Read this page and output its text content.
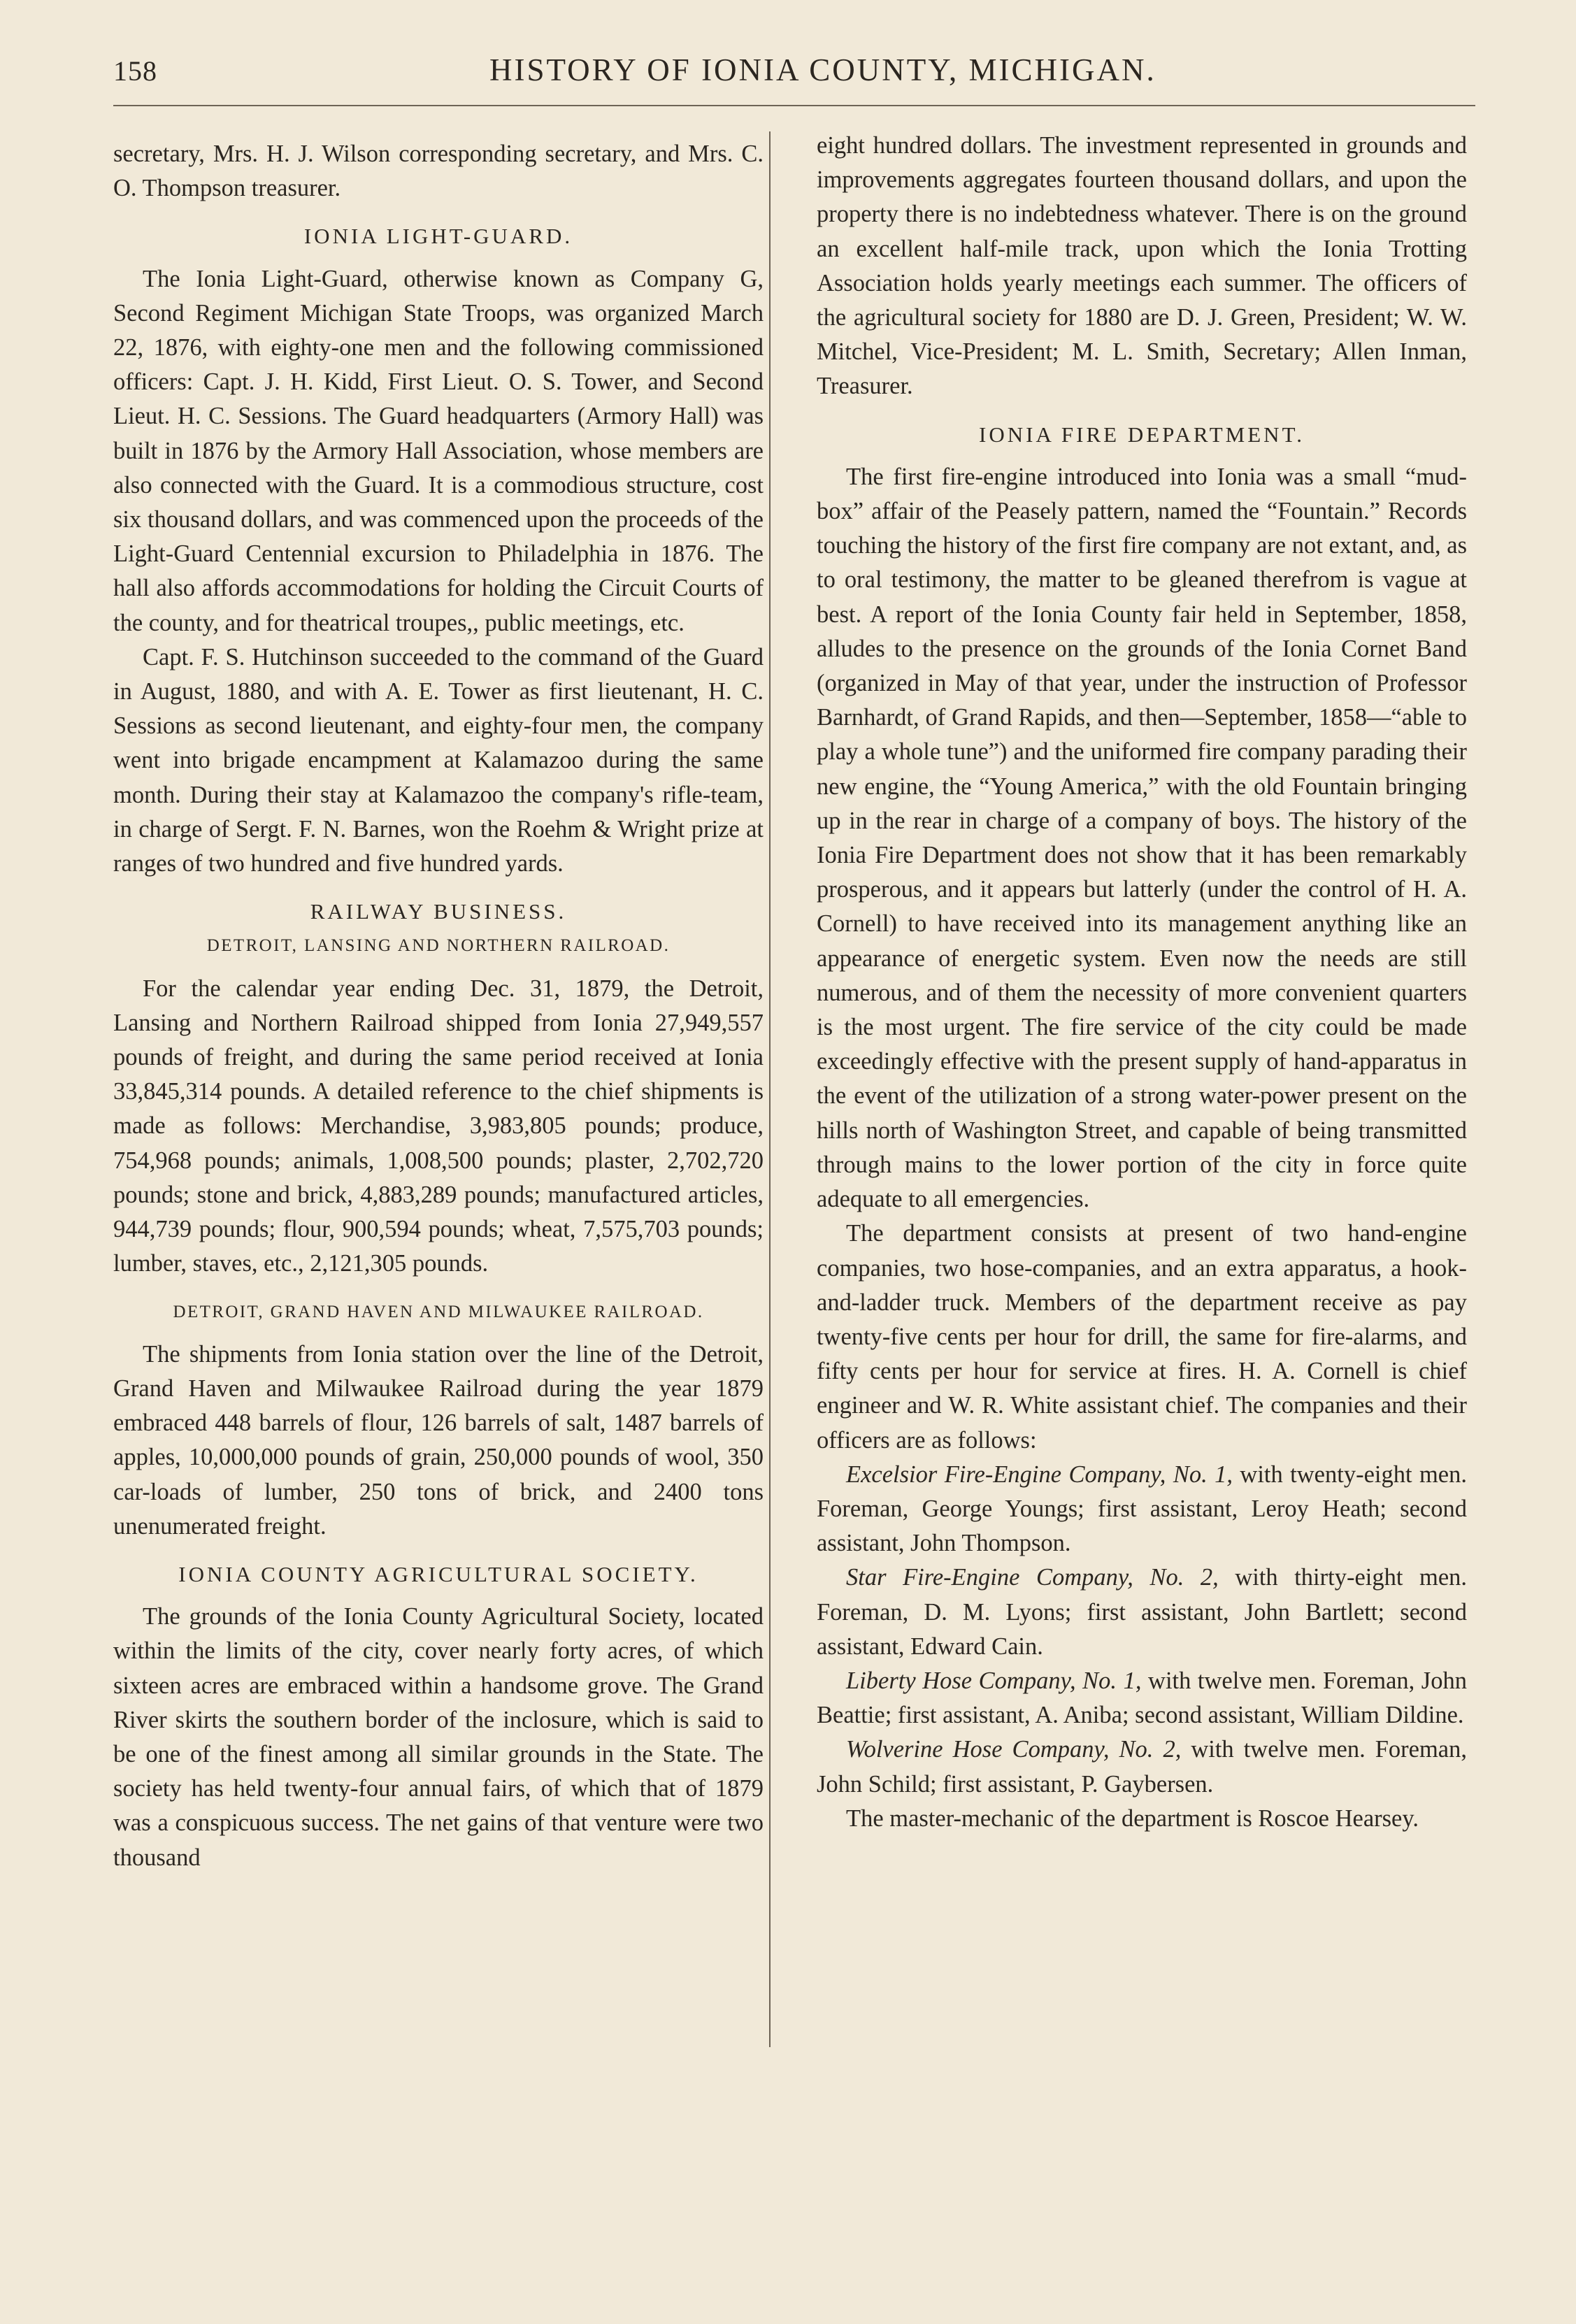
158	HISTORY OF IONIA COUNTY, MICHIGAN.

secretary, Mrs. H. J. Wilson corresponding secretary, and Mrs. C. O. Thompson treasurer.

IONIA LIGHT-GUARD.

The Ionia Light-Guard, otherwise known as Company G, Second Regiment Michigan State Troops, was organized March 22, 1876, with eighty-one men and the following commissioned officers: Capt. J. H. Kidd, First Lieut. O. S. Tower, and Second Lieut. H. C. Sessions. The Guard headquarters (Armory Hall) was built in 1876 by the Armory Hall Association, whose members are also connected with the Guard. It is a commodious structure, cost six thousand dollars, and was commenced upon the proceeds of the Light-Guard Centennial excursion to Philadelphia in 1876. The hall also affords accommodations for holding the Circuit Courts of the county, and for theatrical troupes,, public meetings, etc.

Capt. F. S. Hutchinson succeeded to the command of the Guard in August, 1880, and with A. E. Tower as first lieutenant, H. C. Sessions as second lieutenant, and eighty-four men, the company went into brigade encampment at Kalamazoo during the same month. During their stay at Kalamazoo the company's rifle-team, in charge of Sergt. F. N. Barnes, won the Roehm & Wright prize at ranges of two hundred and five hundred yards.

RAILWAY BUSINESS.
DETROIT, LANSING AND NORTHERN RAILROAD.

For the calendar year ending Dec. 31, 1879, the Detroit, Lansing and Northern Railroad shipped from Ionia 27,949,557 pounds of freight, and during the same period received at Ionia 33,845,314 pounds. A detailed reference to the chief shipments is made as follows: Merchandise, 3,983,805 pounds; produce, 754,968 pounds; animals, 1,008,500 pounds; plaster, 2,702,720 pounds; stone and brick, 4,883,289 pounds; manufactured articles, 944,739 pounds; flour, 900,594 pounds; wheat, 7,575,703 pounds; lumber, staves, etc., 2,121,305 pounds.

DETROIT, GRAND HAVEN AND MILWAUKEE RAILROAD.

The shipments from Ionia station over the line of the Detroit, Grand Haven and Milwaukee Railroad during the year 1879 embraced 448 barrels of flour, 126 barrels of salt, 1487 barrels of apples, 10,000,000 pounds of grain, 250,000 pounds of wool, 350 car-loads of lumber, 250 tons of brick, and 2400 tons unenumerated freight.

IONIA COUNTY AGRICULTURAL SOCIETY.

The grounds of the Ionia County Agricultural Society, located within the limits of the city, cover nearly forty acres, of which sixteen acres are embraced within a handsome grove. The Grand River skirts the southern border of the inclosure, which is said to be one of the finest among all similar grounds in the State. The society has held twenty-four annual fairs, of which that of 1879 was a conspicuous success. The net gains of that venture were two thousand

eight hundred dollars. The investment represented in grounds and improvements aggregates fourteen thousand dollars, and upon the property there is no indebtedness whatever. There is on the ground an excellent half-mile track, upon which the Ionia Trotting Association holds yearly meetings each summer. The officers of the agricultural society for 1880 are D. J. Green, President; W. W. Mitchel, Vice-President; M. L. Smith, Secretary; Allen Inman, Treasurer.

IONIA FIRE DEPARTMENT.

The first fire-engine introduced into Ionia was a small “mud-box” affair of the Peasely pattern, named the “Fountain.” Records touching the history of the first fire company are not extant, and, as to oral testimony, the matter to be gleaned therefrom is vague at best. A report of the Ionia County fair held in September, 1858, alludes to the presence on the grounds of the Ionia Cornet Band (organized in May of that year, under the instruction of Professor Barnhardt, of Grand Rapids, and then—September, 1858—“able to play a whole tune”) and the uniformed fire company parading their new engine, the “Young America,” with the old Fountain bringing up in the rear in charge of a company of boys. The history of the Ionia Fire Department does not show that it has been remarkably prosperous, and it appears but latterly (under the control of H. A. Cornell) to have received into its management anything like an appearance of energetic system. Even now the needs are still numerous, and of them the necessity of more convenient quarters is the most urgent. The fire service of the city could be made exceedingly effective with the present supply of hand-apparatus in the event of the utilization of a strong water-power present on the hills north of Washington Street, and capable of being transmitted through mains to the lower portion of the city in force quite adequate to all emergencies.

The department consists at present of two hand-engine companies, two hose-companies, and an extra apparatus, a hook-and-ladder truck. Members of the department receive as pay twenty-five cents per hour for drill, the same for fire-alarms, and fifty cents per hour for service at fires. H. A. Cornell is chief engineer and W. R. White assistant chief. The companies and their officers are as follows:

Excelsior Fire-Engine Company, No. 1, with twenty-eight men. Foreman, George Youngs; first assistant, Leroy Heath; second assistant, John Thompson.

Star Fire-Engine Company, No. 2, with thirty-eight men. Foreman, D. M. Lyons; first assistant, John Bartlett; second assistant, Edward Cain.

Liberty Hose Company, No. 1, with twelve men. Foreman, John Beattie; first assistant, A. Aniba; second assistant, William Dildine.

Wolverine Hose Company, No. 2, with twelve men. Foreman, John Schild; first assistant, P. Gaybersen.

The master-mechanic of the department is Roscoe Hearsey.
